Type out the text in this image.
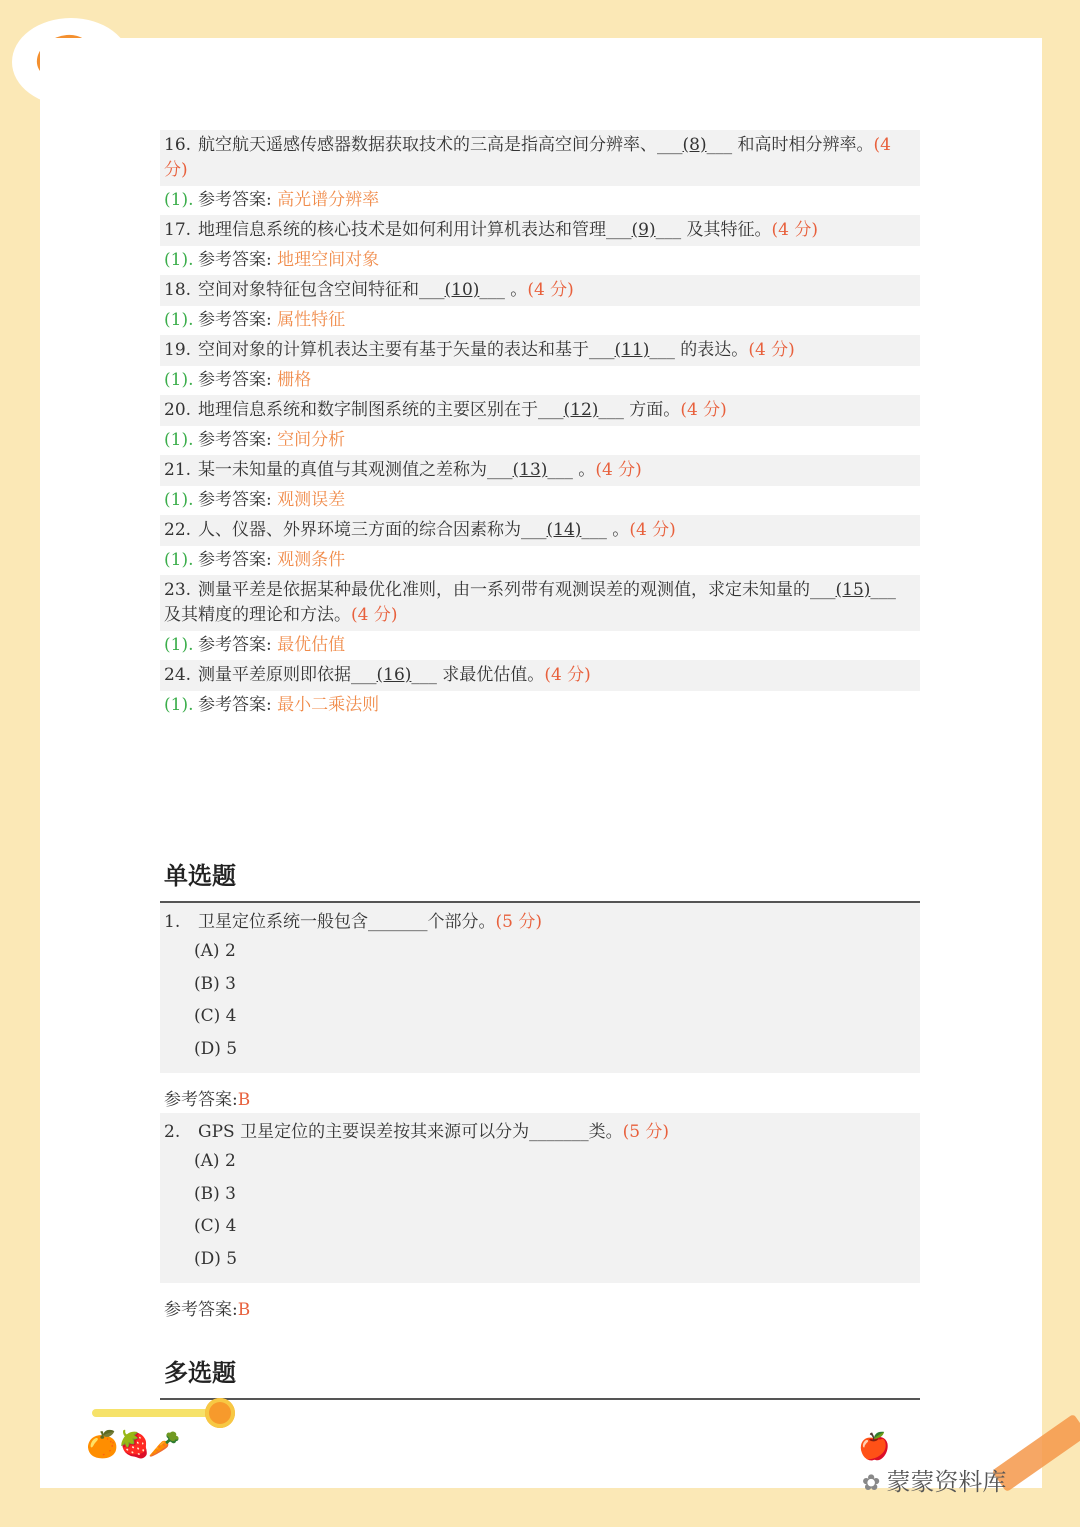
16. 航空航天遥感传感器数据获取技术的三高是指高空间分辨率、___(8)___ 和高时相分辨率。(4 分)
(1). 参考答案: 高光谱分辨率
17. 地理信息系统的核心技术是如何利用计算机表达和管理___(9)___ 及其特征。(4 分)
(1). 参考答案: 地理空间对象
18. 空间对象特征包含空间特征和___(10)___ 。(4 分)
(1). 参考答案: 属性特征
19. 空间对象的计算机表达主要有基于矢量的表达和基于___(11)___ 的表达。(4 分)
(1). 参考答案: 栅格
20. 地理信息系统和数字制图系统的主要区别在于___(12)___ 方面。(4 分)
(1). 参考答案: 空间分析
21. 某一未知量的真值与其观测值之差称为___(13)___ 。(4 分)
(1). 参考答案: 观测误差
22. 人、仪器、外界环境三方面的综合因素称为___(14)___ 。(4 分)
(1). 参考答案: 观测条件
23. 测量平差是依据某种最优化准则，由一系列带有观测误差的观测值，求定未知量的___(15)___ 及其精度的理论和方法。(4 分)
(1). 参考答案: 最优估值
24. 测量平差原则即依据___(16)___ 求最优估值。(4 分)
(1). 参考答案: 最小二乘法则
单选题
1. 卫星定位系统一般包含_______个部分。(5 分)
(A) 2
(B) 3
(C) 4
(D) 5
参考答案:B
2. GPS 卫星定位的主要误差按其来源可以分为_______类。(5 分)
(A) 2
(B) 3
(C) 4
(D) 5
参考答案:B
多选题
🍊 🍓
🥕	🍎
✿ 蒙蒙资料库
